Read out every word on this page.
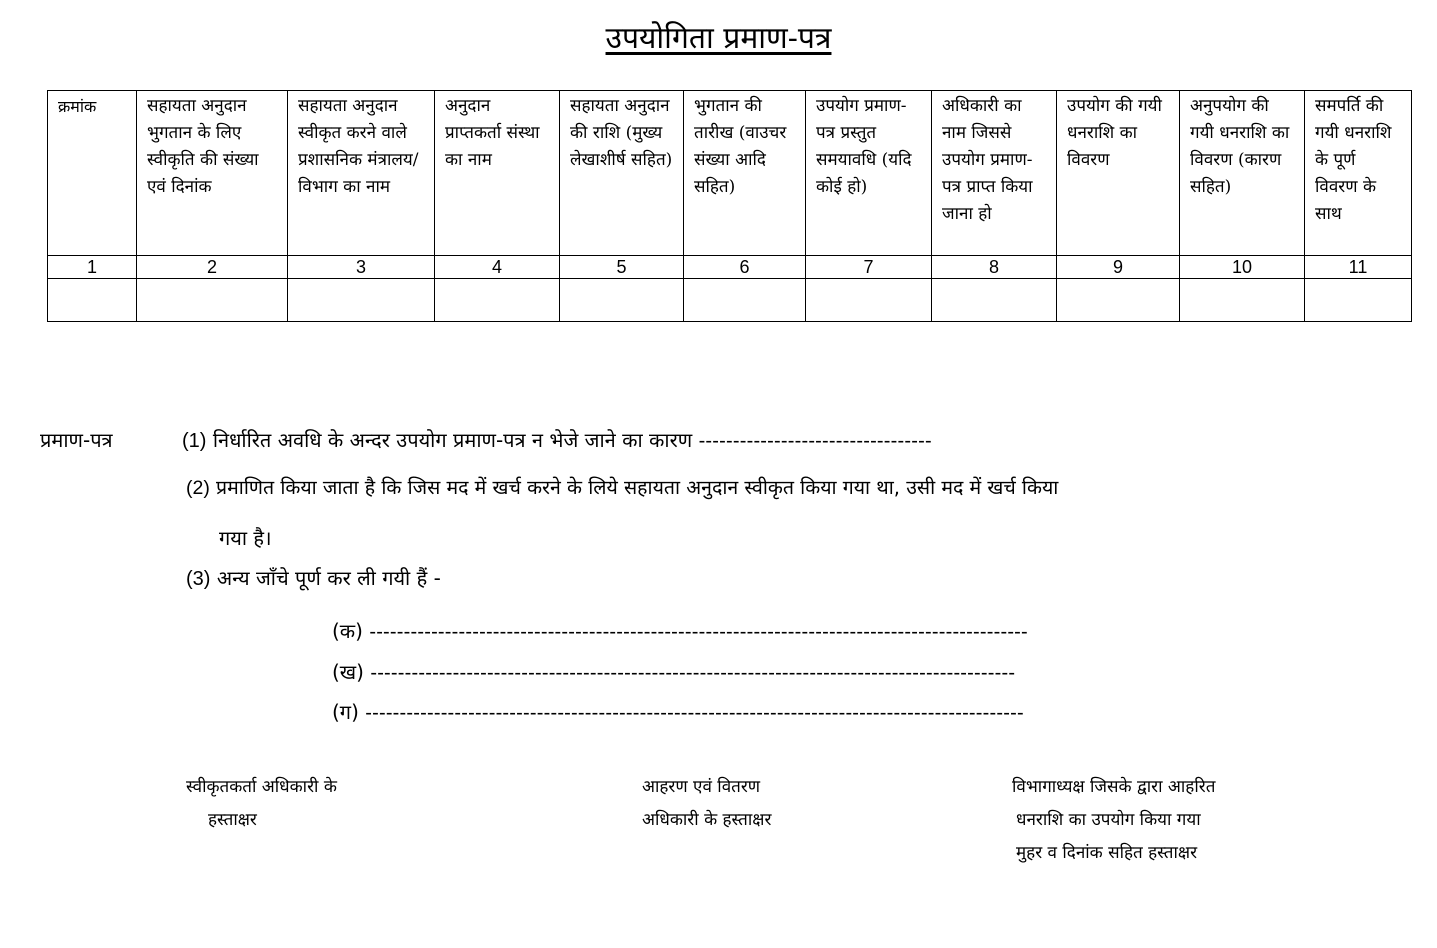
उपयोगिता प्रमाण-पत्र
क्रमांक	सहायता अनुदान भुगतान के लिए स्वीकृति की संख्या एवं दिनांक	सहायता अनुदान स्वीकृत करने वाले प्रशासनिक मंत्रालय/विभाग का नाम	अनुदान प्राप्तकर्ता संस्था का नाम	सहायता अनुदान की राशि (मुख्य लेखाशीर्ष सहित)	भुगतान की तारीख (वाउचर संख्या आदि सहित)	उपयोग प्रमाण-पत्र प्रस्तुत समयावधि (यदि कोई हो)	अधिकारी का नाम जिससे उपयोग प्रमाण-पत्र प्राप्त किया जाना हो	उपयोग की गयी धनराशि का विवरण	अनुपयोग की गयी धनराशि का विवरण (कारण सहित)	समपर्ति की गयी धनराशि के पूर्ण विवरण के साथ
1	2	3	4	5	6	7	8	9	10	11

प्रमाण-पत्र	(1) निर्धारित अवधि के अन्दर उपयोग प्रमाण-पत्र न भेजे जाने का कारण ----------------------------------
(2) प्रमाणित किया जाता है कि जिस मद में खर्च करने के लिये सहायता अनुदान स्वीकृत किया गया था, उसी मद में खर्च किया
गया है।
(3) अन्य जाँचे पूर्ण कर ली गयी हैं -
(क) ------------------------------------------------------------------------------------------------
(ख) ----------------------------------------------------------------------------------------------
(ग) ------------------------------------------------------------------------------------------------
स्वीकृतकर्ता अधिकारी के
हस्ताक्षर
आहरण एवं वितरण
अधिकारी के हस्ताक्षर
विभागाध्यक्ष जिसके द्वारा आहरित
धनराशि का उपयोग किया गया
मुहर व दिनांक सहित हस्ताक्षर
